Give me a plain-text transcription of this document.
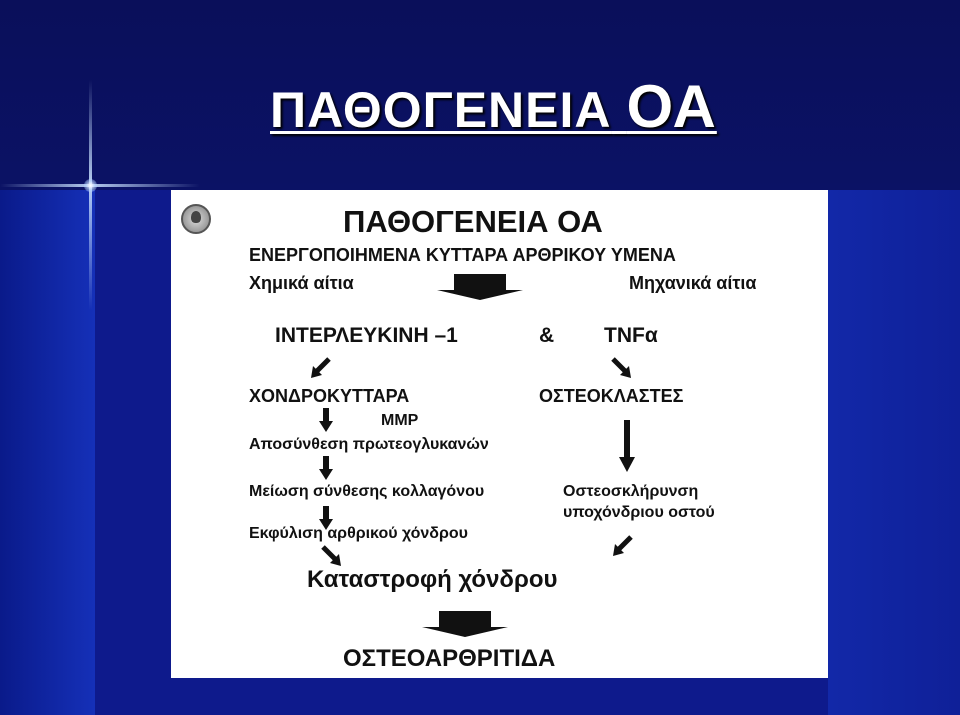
ΠΑΘΟΓΕΝΕΙΑ ΟΑ
ΠΑΘΟΓΕΝΕΙΑ ΟΑ
ΕΝΕΡΓΟΠΟΙΗΜΕΝΑ ΚΥΤΤΑΡΑ ΑΡΘΡΙΚΟΥ ΥΜΕΝΑ
Χημικά αίτια	Μηχανικά αίτια
ΙΝΤΕΡΛΕΥΚΙΝΗ –1	& TNFα
ΧΟΝΔΡΟΚΥΤΤΑΡΑ	ΟΣΤΕΟΚΛΑΣΤΕΣ
MMP
Αποσύνθεση πρωτεογλυκανών
Μείωση σύνθεσης κολλαγόνου	Οστεοσκλήρυνση
υποχόνδριου οστού
Εκφύλιση αρθρικού χόνδρου
Καταστροφή χόνδρου
ΟΣΤΕΟΑΡΘΡΙΤΙΔΑ
